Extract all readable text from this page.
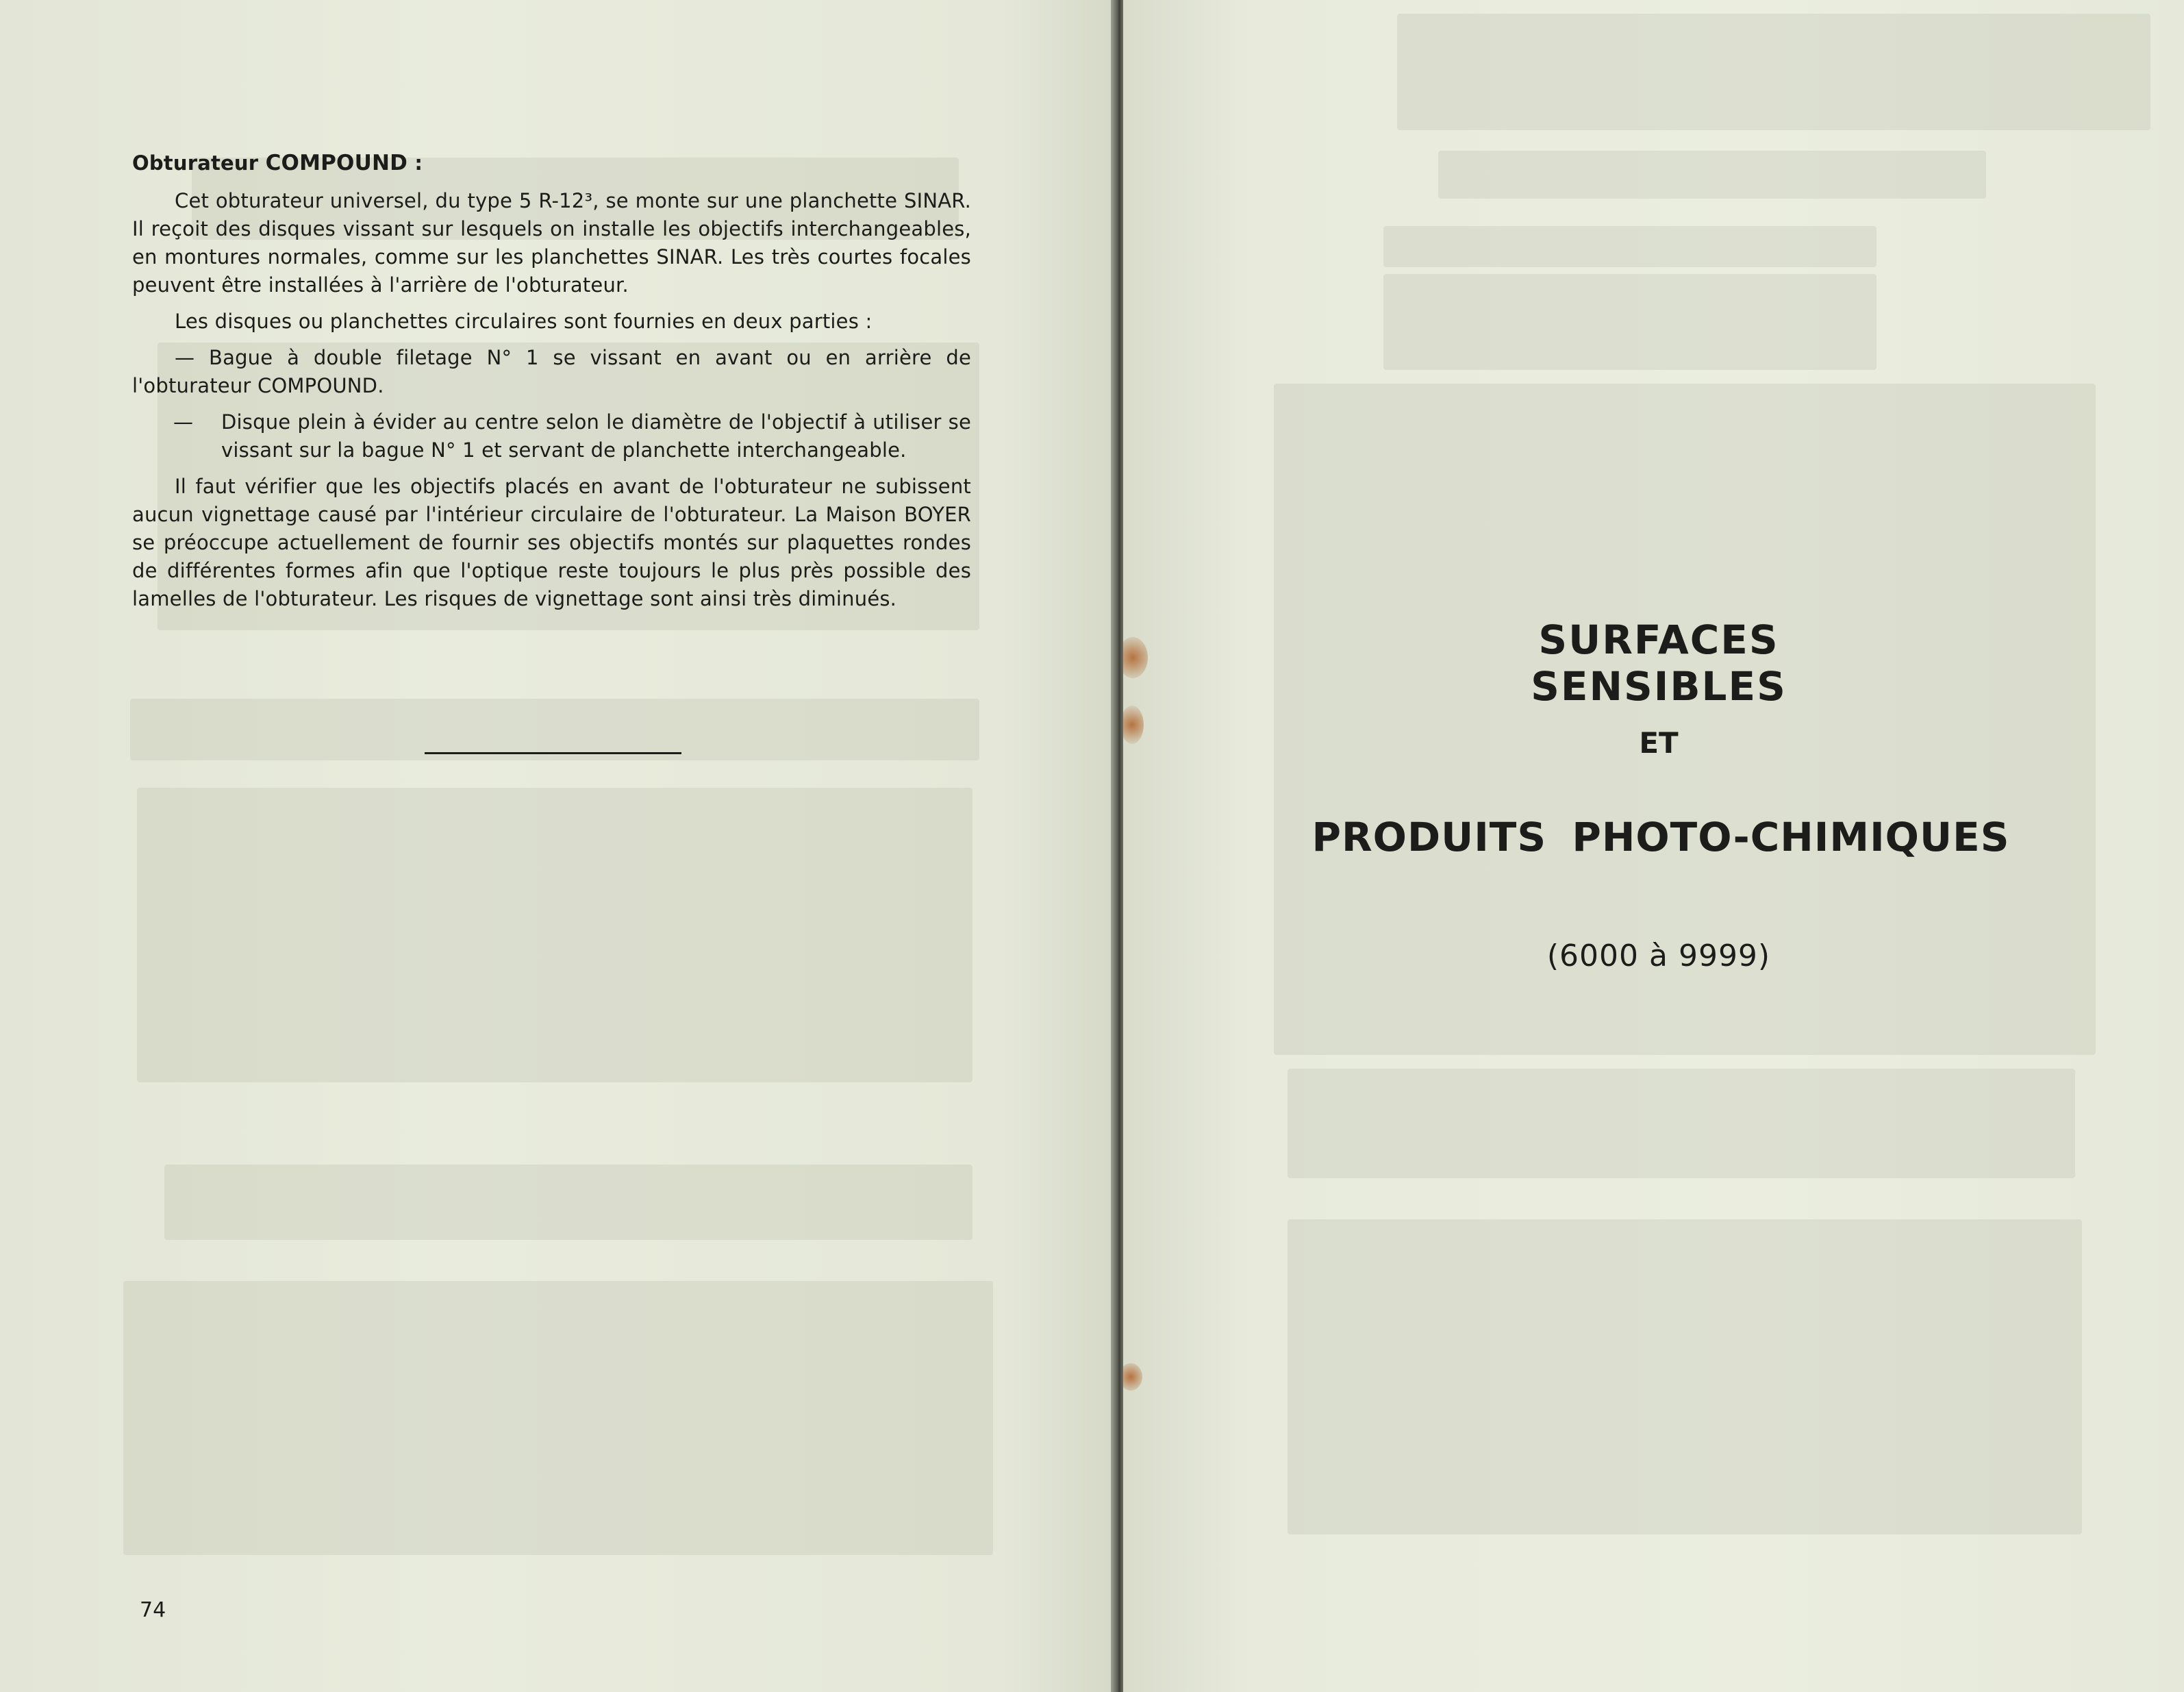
Obturateur COMPOUND :

Cet obturateur universel, du type 5 R-12³, se monte sur une planchette SINAR. Il reçoit des disques vissant sur lesquels on installe les objectifs interchangeables, en montures normales, comme sur les planchettes SINAR. Les très courtes focales peuvent être installées à l'arrière de l'obturateur.

Les disques ou planchettes circulaires sont fournies en deux parties :

— Bague à double filetage N° 1 se vissant en avant ou en arrière de l'obturateur COMPOUND.
—	Disque plein à évider au centre selon le diamètre de l'objectif à utiliser se vissant sur la bague N° 1 et servant de planchette interchangeable.

Il faut vérifier que les objectifs placés en avant de l'obturateur ne subissent aucun vignettage causé par l'intérieur circulaire de l'obturateur. La Maison BOYER se préoccupe actuellement de fournir ses objectifs montés sur plaquettes rondes de différentes formes afin que l'optique reste toujours le plus près possible des lamelles de l'obturateur. Les risques de vignettage sont ainsi très diminués.

74
SURFACES SENSIBLES
ET
PRODUITS PHOTO-CHIMIQUES
(6000 à 9999)
